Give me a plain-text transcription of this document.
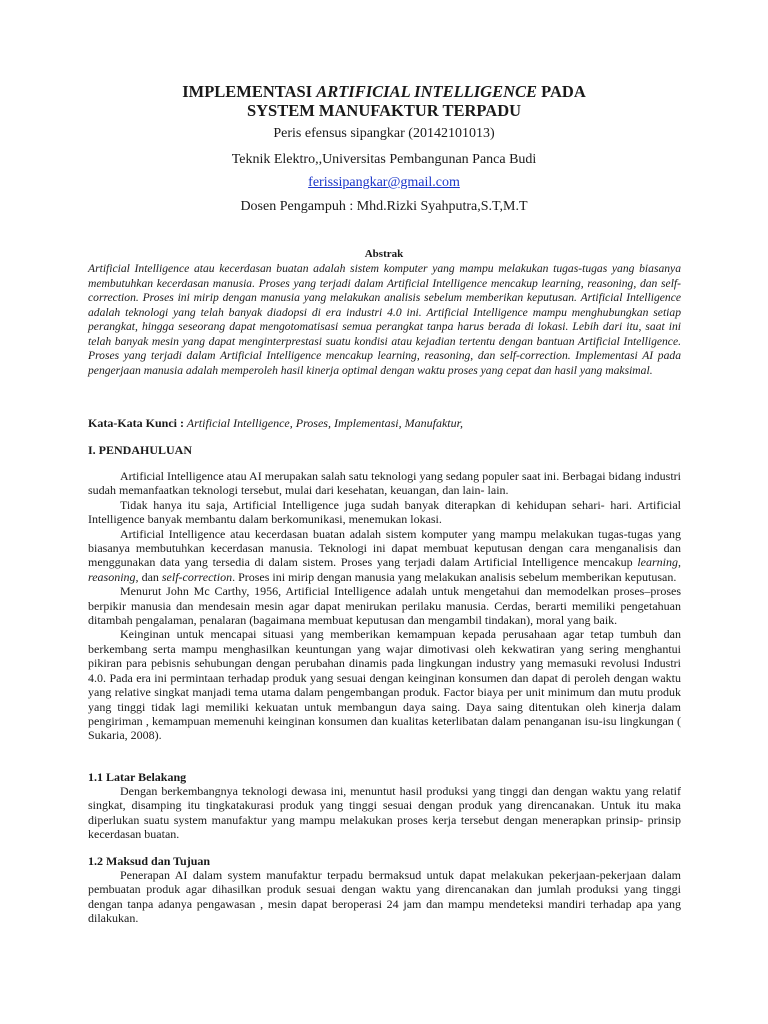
IMPLEMENTASI ARTIFICIAL INTELLIGENCE PADA
SYSTEM MANUFAKTUR TERPADU
Peris efensus sipangkar (20142101013)
Teknik Elektro,,Universitas Pembangunan Panca Budi
ferissipangkar@gmail.com
Dosen Pengampuh : Mhd.Rizki Syahputra,S.T,M.T
Abstrak
Artificial Intelligence atau kecerdasan buatan adalah sistem komputer yang mampu melakukan tugas-tugas yang biasanya membutuhkan kecerdasan manusia. Proses yang terjadi dalam Artificial Intelligence mencakup learning, reasoning, dan self-correction. Proses ini mirip dengan manusia yang melakukan analisis sebelum memberikan keputusan. Artificial Intelligence adalah teknologi yang telah banyak diadopsi di era industri 4.0 ini. Artificial Intelligence mampu menghubungkan setiap perangkat, hingga seseorang dapat mengotomatisasi semua perangkat tanpa harus berada di lokasi. Lebih dari itu, saat ini telah banyak mesin yang dapat menginterprestasi suatu kondisi atau kejadian tertentu dengan bantuan Artificial Intelligence. Proses yang terjadi dalam Artificial Intelligence mencakup learning, reasoning, dan self-correction. Implementasi AI pada pengerjaan manusia adalah memperoleh hasil kinerja optimal dengan waktu proses yang cepat dan hasil yang maksimal.
Kata-Kata Kunci : Artificial Intelligence, Proses, Implementasi, Manufaktur,
I. PENDAHULUAN

Artificial Intelligence atau AI merupakan salah satu teknologi yang sedang populer saat ini. Berbagai bidang industri sudah memanfaatkan teknologi tersebut, mulai dari kesehatan, keuangan, dan lain- lain.

Tidak hanya itu saja, Artificial Intelligence juga sudah banyak diterapkan di kehidupan sehari- hari. Artificial Intelligence banyak membantu dalam berkomunikasi, menemukan lokasi.

Artificial Intelligence atau kecerdasan buatan adalah sistem komputer yang mampu melakukan tugas-tugas yang biasanya membutuhkan kecerdasan manusia. Teknologi ini dapat membuat keputusan dengan cara menganalisis dan menggunakan data yang tersedia di dalam sistem. Proses yang terjadi dalam Artificial Intelligence mencakup learning, reasoning, dan self-correction. Proses ini mirip dengan manusia yang melakukan analisis sebelum memberikan keputusan.

Menurut John Mc Carthy, 1956, Artificial Intelligence adalah untuk mengetahui dan memodelkan proses–proses berpikir manusia dan mendesain mesin agar dapat menirukan perilaku manusia. Cerdas, berarti memiliki pengetahuan ditambah pengalaman, penalaran (bagaimana membuat keputusan dan mengambil tindakan), moral yang baik.

Keinginan untuk mencapai situasi yang memberikan kemampuan kepada perusahaan agar tetap tumbuh dan berkembang serta mampu menghasilkan keuntungan yang wajar dimotivasi oleh kekwatiran yang sering menghantui pikiran para pebisnis sehubungan dengan perubahan dinamis pada lingkungan industry yang memasuki revolusi Industri 4.0. Pada era ini permintaan terhadap produk yang sesuai dengan keinginan konsumen dan dapat di peroleh dengan waktu yang relative singkat manjadi tema utama dalam pengembangan produk. Factor biaya per unit minimum dan mutu produk yang tinggi tidak lagi memiliki kekuatan untuk membangun daya saing. Daya saing ditentukan oleh kinerja dalam pengiriman , kemampuan memenuhi keinginan konsumen dan kualitas keterlibatan dalam penanganan isu-isu lingkungan ( Sukaria, 2008).

1.1 Latar Belakang

Dengan berkembangnya teknologi dewasa ini, menuntut hasil produksi yang tinggi dan dengan waktu yang relatif singkat, disamping itu tingkatakurasi produk yang tinggi sesuai dengan produk yang direncanakan. Untuk itu maka diperlukan suatu system manufaktur yang mampu melakukan proses kerja tersebut dengan menerapkan prinsip- prinsip kecerdasan buatan.

1.2 Maksud dan Tujuan

Penerapan AI dalam system manufaktur terpadu bermaksud untuk dapat melakukan pekerjaan-pekerjaan dalam pembuatan produk agar dihasilkan produk sesuai dengan waktu yang direncanakan dan jumlah produksi yang tinggi dengan tanpa adanya pengawasan , mesin dapat beroperasi 24 jam dan mampu mendeteksi mandiri terhadap apa yang dilakukan.
